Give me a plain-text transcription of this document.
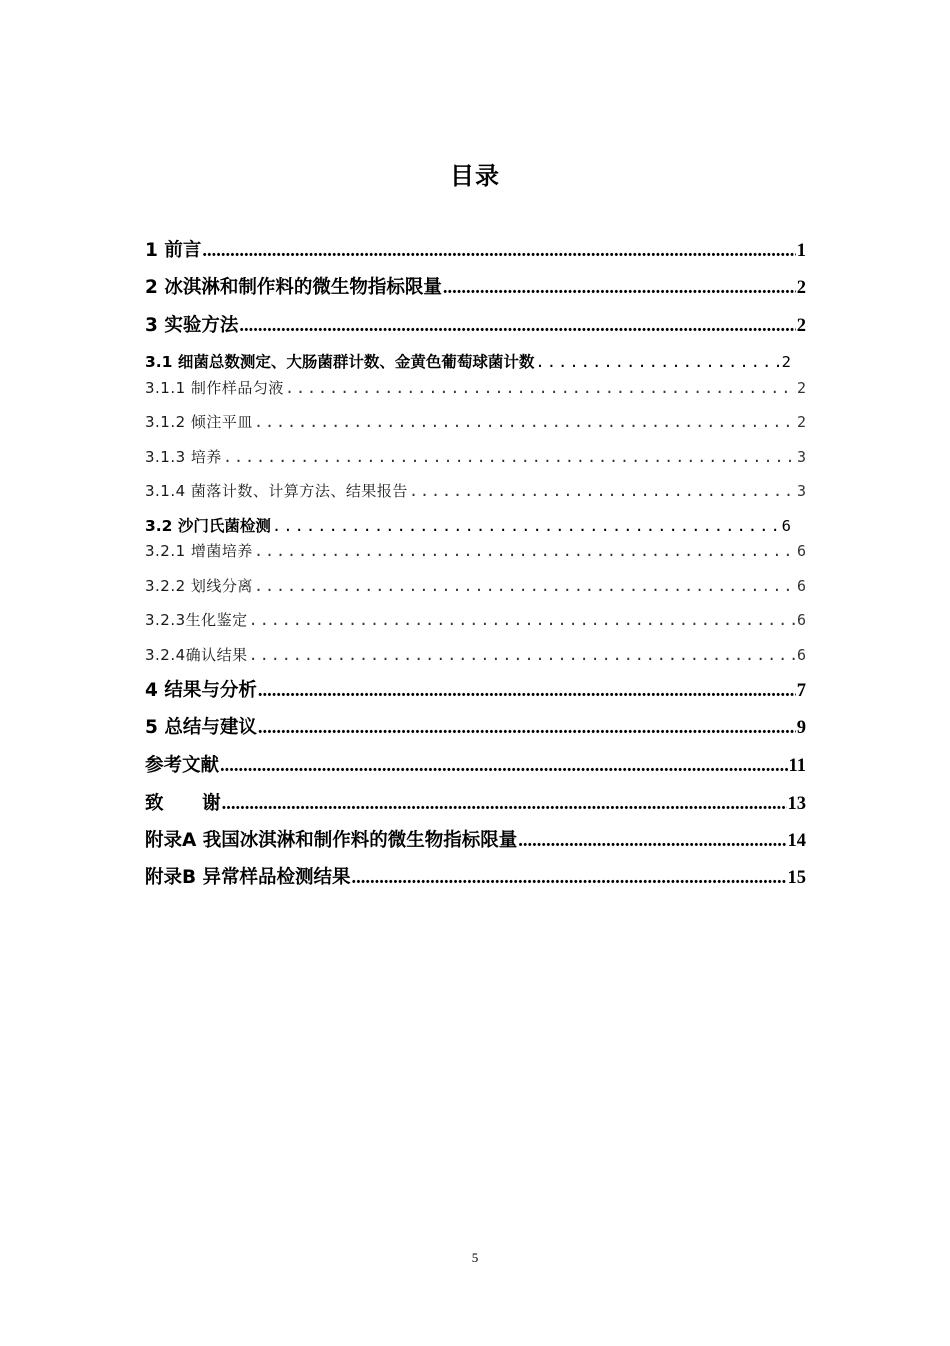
目录
1 前言 .....	1
2 冰淇淋和制作料的微生物指标限量 .....	2
3 实验方法 .....	2
3.1 细菌总数测定、大肠菌群计数、金黄色葡萄球菌计数 .....	2
3.1.1 制作样品匀液 .....	2
3.1.2 倾注平皿 .....	2
3.1.3 培养 .....	3
3.1.4 菌落计数、计算方法、结果报告 .....	3
3.2 沙门氏菌检测 .....	6
3.2.1 增菌培养 .....	6
3.2.2 划线分离 .....	6
3.2.3生化鉴定 .....	6
3.2.4确认结果 .....	6
4 结果与分析 .....	7
5 总结与建议 .....	9
参考文献 .....	11
致      谢 .....	13
附录A 我国冰淇淋和制作料的微生物指标限量 .....	14
附录B 异常样品检测结果 .....	15
5
